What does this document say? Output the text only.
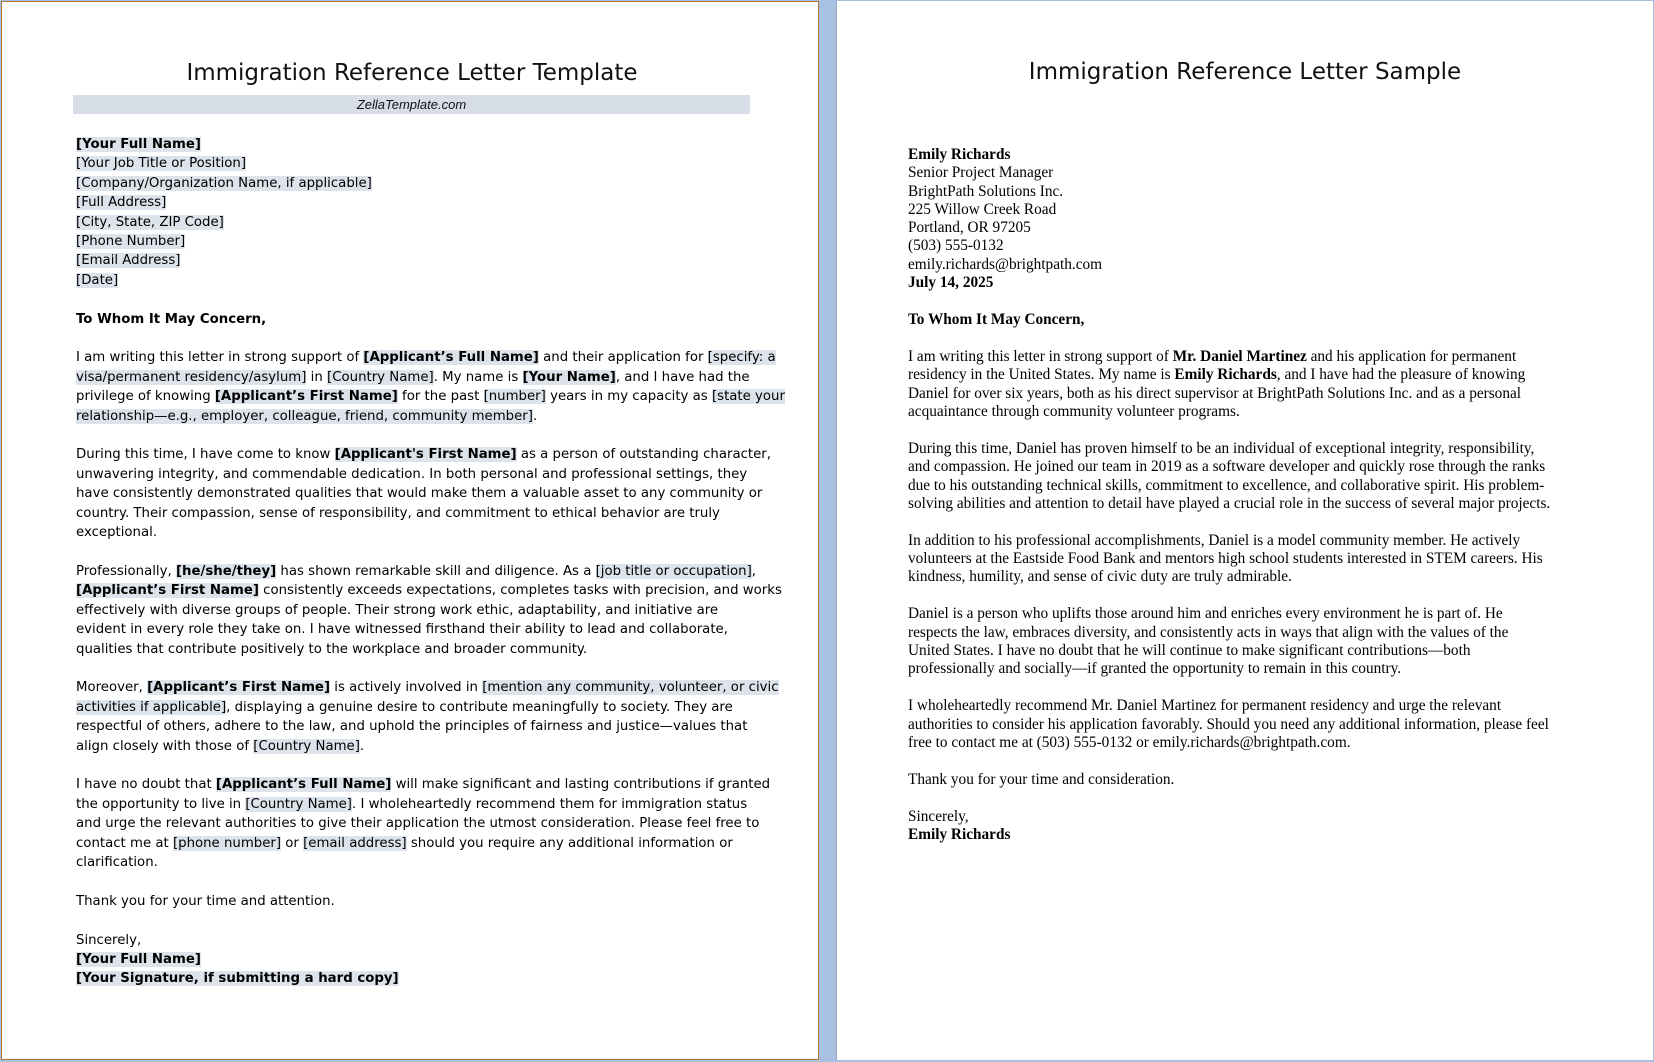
Immigration Reference Letter Template
ZellaTemplate.com
[Your Full Name]
[Your Job Title or Position]
[Company/Organization Name, if applicable]
[Full Address]
[City, State, ZIP Code]
[Phone Number]
[Email Address]
[Date]
To Whom It May Concern,
I am writing this letter in strong support of [Applicant’s Full Name] and their application for [specify: a
visa/permanent residency/asylum] in [Country Name]. My name is [Your Name], and I have had the
privilege of knowing [Applicant’s First Name] for the past [number] years in my capacity as [state your
relationship—e.g., employer, colleague, friend, community member].
During this time, I have come to know [Applicant's First Name] as a person of outstanding character,
unwavering integrity, and commendable dedication. In both personal and professional settings, they
have consistently demonstrated qualities that would make them a valuable asset to any community or
country. Their compassion, sense of responsibility, and commitment to ethical behavior are truly
exceptional.
Professionally, [he/she/they] has shown remarkable skill and diligence. As a [job title or occupation],
[Applicant’s First Name] consistently exceeds expectations, completes tasks with precision, and works
effectively with diverse groups of people. Their strong work ethic, adaptability, and initiative are
evident in every role they take on. I have witnessed firsthand their ability to lead and collaborate,
qualities that contribute positively to the workplace and broader community.
Moreover, [Applicant’s First Name] is actively involved in [mention any community, volunteer, or civic
activities if applicable], displaying a genuine desire to contribute meaningfully to society. They are
respectful of others, adhere to the law, and uphold the principles of fairness and justice—values that
align closely with those of [Country Name].
I have no doubt that [Applicant’s Full Name] will make significant and lasting contributions if granted
the opportunity to live in [Country Name]. I wholeheartedly recommend them for immigration status
and urge the relevant authorities to give their application the utmost consideration. Please feel free to
contact me at [phone number] or [email address] should you require any additional information or
clarification.
Thank you for your time and attention.
Sincerely,
[Your Full Name]
[Your Signature, if submitting a hard copy]
Immigration Reference Letter Sample
Emily Richards
Senior Project Manager
BrightPath Solutions Inc.
225 Willow Creek Road
Portland, OR 97205
(503) 555-0132
emily.richards@brightpath.com
July 14, 2025
To Whom It May Concern,
I am writing this letter in strong support of Mr. Daniel Martinez and his application for permanent
residency in the United States. My name is Emily Richards, and I have had the pleasure of knowing
Daniel for over six years, both as his direct supervisor at BrightPath Solutions Inc. and as a personal
acquaintance through community volunteer programs.
During this time, Daniel has proven himself to be an individual of exceptional integrity, responsibility,
and compassion. He joined our team in 2019 as a software developer and quickly rose through the ranks
due to his outstanding technical skills, commitment to excellence, and collaborative spirit. His problem-
solving abilities and attention to detail have played a crucial role in the success of several major projects.
In addition to his professional accomplishments, Daniel is a model community member. He actively
volunteers at the Eastside Food Bank and mentors high school students interested in STEM careers. His
kindness, humility, and sense of civic duty are truly admirable.
Daniel is a person who uplifts those around him and enriches every environment he is part of. He
respects the law, embraces diversity, and consistently acts in ways that align with the values of the
United States. I have no doubt that he will continue to make significant contributions—both
professionally and socially—if granted the opportunity to remain in this country.
I wholeheartedly recommend Mr. Daniel Martinez for permanent residency and urge the relevant
authorities to consider his application favorably. Should you need any additional information, please feel
free to contact me at (503) 555-0132 or emily.richards@brightpath.com.
Thank you for your time and consideration.
Sincerely,
Emily Richards
